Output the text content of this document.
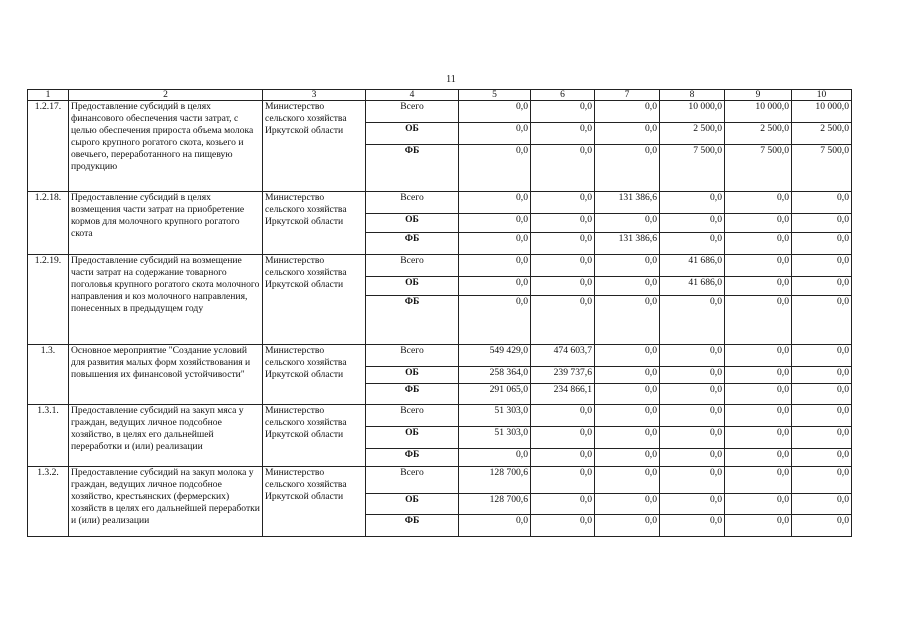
11
1	2	3	4	5	6	7	8	9	10
1.2.17.	Предоставление субсидий в целях финансового обеспечения части затрат, с целью обеспечения прироста объема молока сырого крупного рогатого скота, козьего и овечьего, переработанного на пищевую продукцию	Министерство сельского хозяйства Иркутской области	Всего	0,0	0,0	0,0	10 000,0	10 000,0	10 000,0
			ОБ	0,0	0,0	0,0	2 500,0	2 500,0	2 500,0
			ФБ	0,0	0,0	0,0	7 500,0	7 500,0	7 500,0
1.2.18.	Предоставление субсидий в целях возмещения части затрат на приобретение кормов для молочного крупного рогатого скота	Министерство сельского хозяйства Иркутской области	Всего	0,0	0,0	131 386,6	0,0	0,0	0,0
			ОБ	0,0	0,0	0,0	0,0	0,0	0,0
			ФБ	0,0	0,0	131 386,6	0,0	0,0	0,0
1.2.19.	Предоставление субсидий на возмещение части затрат на содержание товарного поголовья крупного рогатого скота молочного направления и коз молочного направления, понесенных в предыдущем году	Министерство сельского хозяйства Иркутской области	Всего	0,0	0,0	0,0	41 686,0	0,0	0,0
			ОБ	0,0	0,0	0,0	41 686,0	0,0	0,0
			ФБ	0,0	0,0	0,0	0,0	0,0	0,0
1.3.	Основное мероприятие "Создание условий для развития малых форм хозяйствования и повышения их финансовой устойчивости"	Министерство сельского хозяйства Иркутской области	Всего	549 429,0	474 603,7	0,0	0,0	0,0	0,0
			ОБ	258 364,0	239 737,6	0,0	0,0	0,0	0,0
			ФБ	291 065,0	234 866,1	0,0	0,0	0,0	0,0
1.3.1.	Предоставление субсидий на закуп мяса у граждан, ведущих личное подсобное хозяйство, в целях его дальнейшей переработки и (или) реализации	Министерство сельского хозяйства Иркутской области	Всего	51 303,0	0,0	0,0	0,0	0,0	0,0
			ОБ	51 303,0	0,0	0,0	0,0	0,0	0,0
			ФБ	0,0	0,0	0,0	0,0	0,0	0,0
1.3.2.	Предоставление субсидий на закуп молока у граждан, ведущих личное подсобное хозяйство, крестьянских (фермерских) хозяйств в целях его дальнейшей переработки и (или) реализации	Министерство сельского хозяйства Иркутской области	Всего	128 700,6	0,0	0,0	0,0	0,0	0,0
			ОБ	128 700,6	0,0	0,0	0,0	0,0	0,0
			ФБ	0,0	0,0	0,0	0,0	0,0	0,0
